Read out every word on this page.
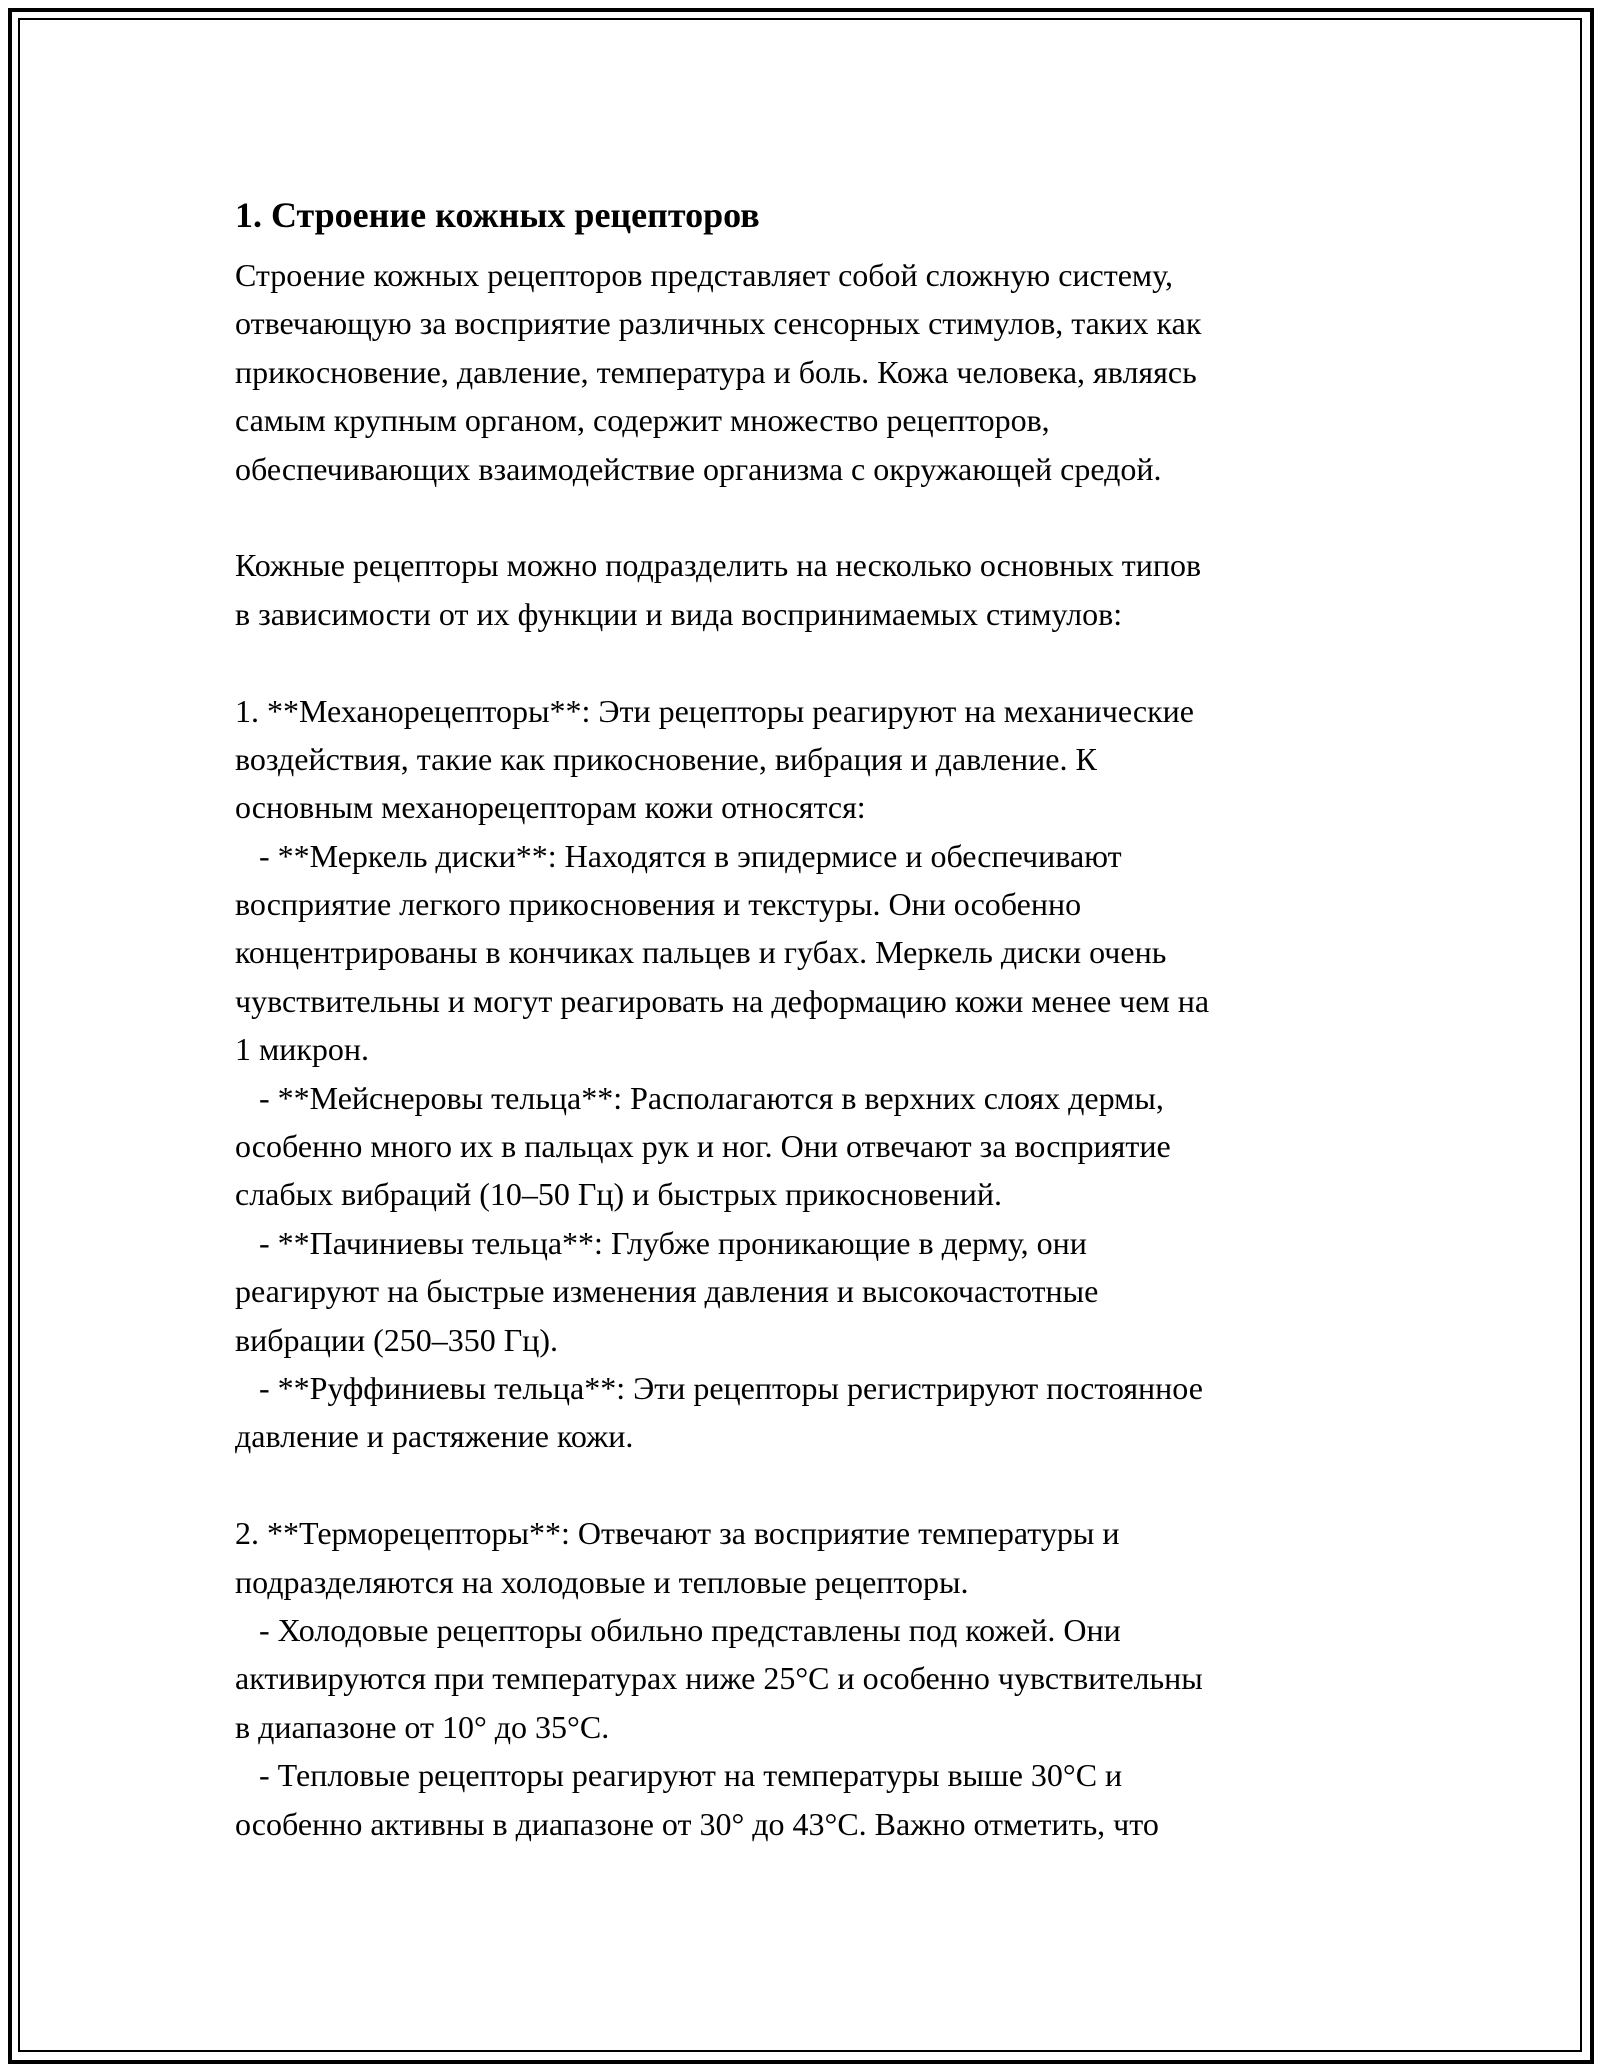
1. Строение кожных рецепторов
Строение кожных рецепторов представляет собой сложную систему,
отвечающую за восприятие различных сенсорных стимулов, таких как
прикосновение, давление, температура и боль. Кожа человека, являясь
самым крупным органом, содержит множество рецепторов,
обеспечивающих взаимодействие организма с окружающей средой.
Кожные рецепторы можно подразделить на несколько основных типов
в зависимости от их функции и вида воспринимаемых стимулов:
1. **Механорецепторы**: Эти рецепторы реагируют на механические
воздействия, такие как прикосновение, вибрация и давление. К
основным механорецепторам кожи относятся:
- **Меркель диски**: Находятся в эпидермисе и обеспечивают
восприятие легкого прикосновения и текстуры. Они особенно
концентрированы в кончиках пальцев и губах. Меркель диски очень
чувствительны и могут реагировать на деформацию кожи менее чем на
1 микрон.
- **Мейснеровы тельца**: Располагаются в верхних слоях дермы,
особенно много их в пальцах рук и ног. Они отвечают за восприятие
слабых вибраций (10–50 Гц) и быстрых прикосновений.
- **Пачиниевы тельца**: Глубже проникающие в дерму, они
реагируют на быстрые изменения давления и высокочастотные
вибрации (250–350 Гц).
- **Руффиниевы тельца**: Эти рецепторы регистрируют постоянное
давление и растяжение кожи.
2. **Терморецепторы**: Отвечают за восприятие температуры и
подразделяются на холодовые и тепловые рецепторы.
- Холодовые рецепторы обильно представлены под кожей. Они
активируются при температурах ниже 25°C и особенно чувствительны
в диапазоне от 10° до 35°C.
- Тепловые рецепторы реагируют на температуры выше 30°C и
особенно активны в диапазоне от 30° до 43°C. Важно отметить, что
